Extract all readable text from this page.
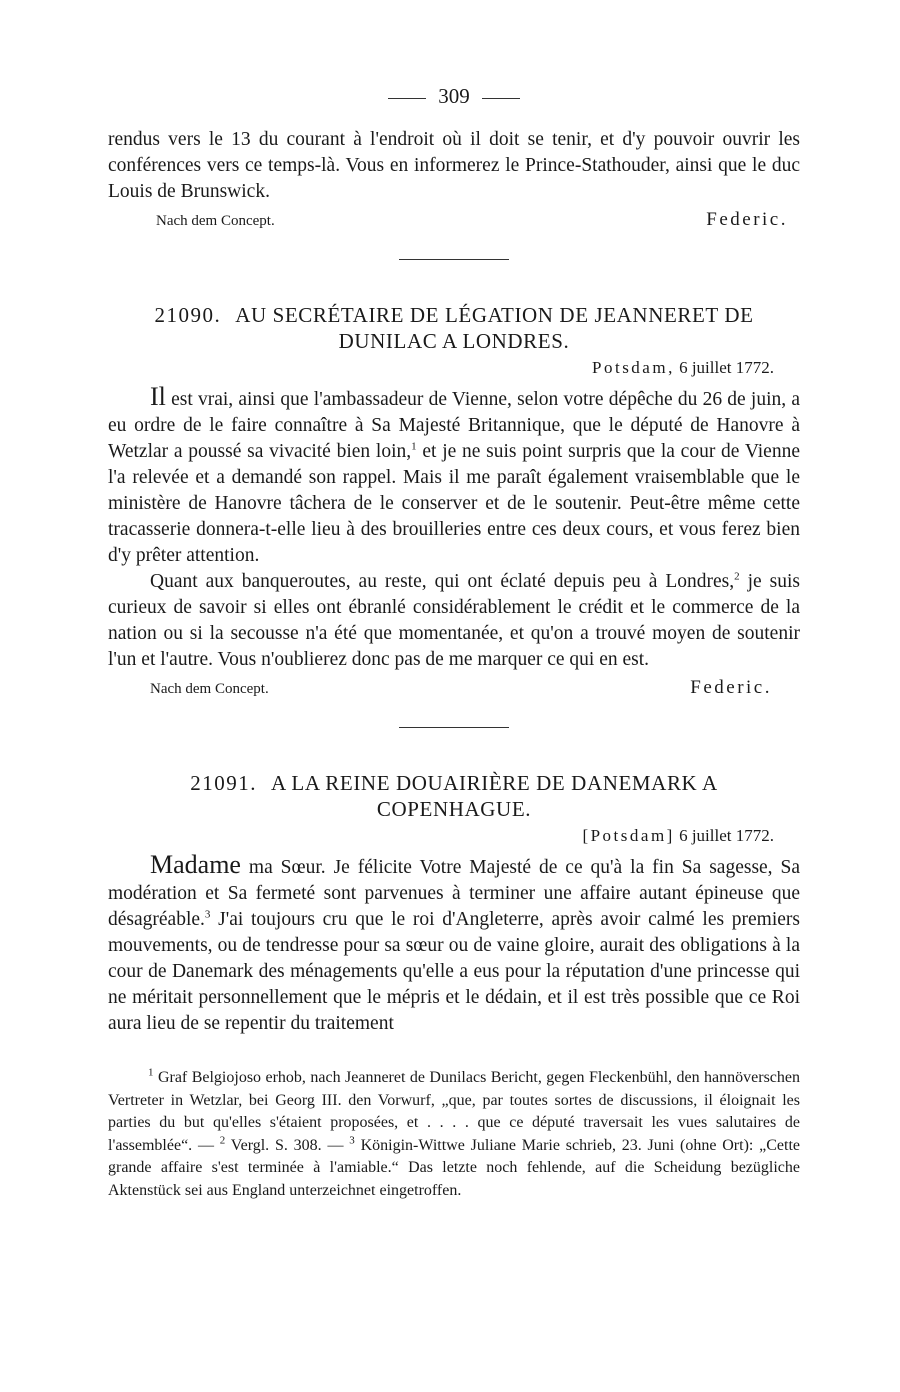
309

rendus vers le 13 du courant à l'endroit où il doit se tenir, et d'y pouvoir ouvrir les conférences vers ce temps-là. Vous en informerez le Prince-Stathouder, ainsi que le duc Louis de Brunswick.

Nach dem Concept.	Federic.
21090. AU SECRÉTAIRE DE LÉGATION DE JEANNERET DE DUNILAC A LONDRES.
Potsdam, 6 juillet 1772.

Il est vrai, ainsi que l'ambassadeur de Vienne, selon votre dépêche du 26 de juin, a eu ordre de le faire connaître à Sa Majesté Britannique, que le député de Hanovre à Wetzlar a poussé sa vivacité bien loin,$^1$ et je ne suis point surpris que la cour de Vienne l'a relevée et a demandé son rappel. Mais il me paraît également vraisemblable que le ministère de Hanovre tâchera de le conserver et de le soutenir. Peut-être même cette tracasserie donnera-t-elle lieu à des brouilleries entre ces deux cours, et vous ferez bien d'y prêter attention.

Quant aux banqueroutes, au reste, qui ont éclaté depuis peu à Londres,$^2$ je suis curieux de savoir si elles ont ébranlé considérablement le crédit et le commerce de la nation ou si la secousse n'a été que momentanée, et qu'on a trouvé moyen de soutenir l'un et l'autre. Vous n'oublierez donc pas de me marquer ce qui en est.

Nach dem Concept.	Federic.
21091. A LA REINE DOUAIRIÈRE DE DANEMARK A COPENHAGUE.
[Potsdam] 6 juillet 1772.

Madame ma Sœur. Je félicite Votre Majesté de ce qu'à la fin Sa sagesse, Sa modération et Sa fermeté sont parvenues à terminer une affaire autant épineuse que désagréable.$^3$ J'ai toujours cru que le roi d'Angleterre, après avoir calmé les premiers mouvements, ou de tendresse pour sa sœur ou de vaine gloire, aurait des obligations à la cour de Danemark des ménagements qu'elle a eus pour la réputation d'une princesse qui ne méritait personnellement que le mépris et le dédain, et il est très possible que ce Roi aura lieu de se repentir du traitement

$^1$ Graf Belgiojoso erhob, nach Jeanneret de Dunilacs Bericht, gegen Fleckenbühl, den hannöverschen Vertreter in Wetzlar, bei Georg III. den Vorwurf, „que, par toutes sortes de discussions, il éloignait les parties du but qu'elles s'étaient proposées, et . . . . que ce député traversait les vues salutaires de l'assemblée“. — $^2$ Vergl. S. 308. — $^3$ Königin-Wittwe Juliane Marie schrieb, 23. Juni (ohne Ort): „Cette grande affaire s'est terminée à l'amiable.“ Das letzte noch fehlende, auf die Scheidung bezügliche Aktenstück sei aus England unterzeichnet eingetroffen.
